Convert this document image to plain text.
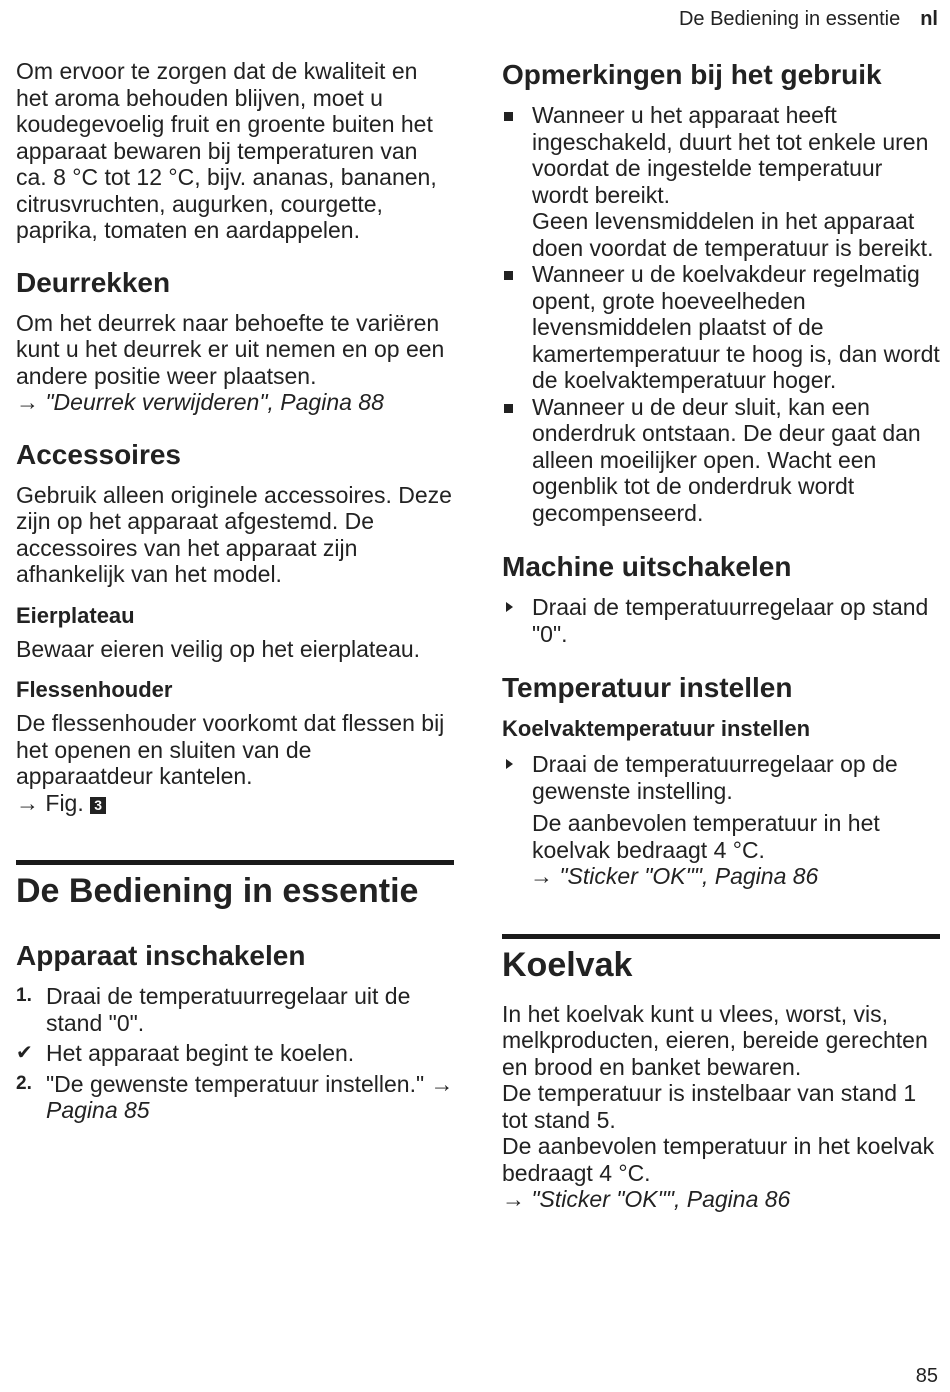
De Bediening in essentie nl

Om ervoor te zorgen dat de kwaliteit en het aroma behouden blijven, moet u koudegevoelig fruit en groente buiten het apparaat bewaren bij temperaturen van ca. 8 °C tot 12 °C, bijv. ananas, bananen, citrusvruchten, augurken, courgette, paprika, tomaten en aardappelen.

Deurrekken

Om het deurrek naar behoefte te variëren kunt u het deurrek er uit nemen en op een andere positie weer plaatsen.

→ "Deurrek verwijderen", Pagina 88
Accessoires

Gebruik alleen originele accessoires. Deze zijn op het apparaat afgestemd. De accessoires van het apparaat zijn afhankelijk van het model.

Eierplateau

Bewaar eieren veilig op het eierplateau.

Flessenhouder

De flessenhouder voorkomt dat flessen bij het openen en sluiten van de apparaatdeur kantelen.

→ Fig. 3
De Bediening in essentie
Apparaat inschakelen
1. Draai de temperatuurregelaar uit de stand "0".
✔ Het apparaat begint te koelen.
2. "De gewenste temperatuur instellen." → Pagina 85
Opmerkingen bij het gebruik
Wanneer u het apparaat heeft ingeschakeld, duurt het tot enkele uren voordat de ingestelde temperatuur wordt bereikt.
Geen levensmiddelen in het apparaat doen voordat de temperatuur is bereikt.
Wanneer u de koelvakdeur regelmatig opent, grote hoeveelheden levensmiddelen plaatst of de kamertemperatuur te hoog is, dan wordt de koelvaktemperatuur hoger.
Wanneer u de deur sluit, kan een onderdruk ontstaan. De deur gaat dan alleen moeilijker open. Wacht een ogenblik tot de onderdruk wordt gecompenseerd.
Machine uitschakelen
Draai de temperatuurregelaar op stand "0".
Temperatuur instellen
Koelvaktemperatuur instellen
Draai de temperatuurregelaar op de gewenste instelling.

De aanbevolen temperatuur in het koelvak bedraagt 4 °C.

→ "Sticker "OK"", Pagina 86
Koelvak

In het koelvak kunt u vlees, worst, vis, melkproducten, eieren, bereide gerechten en brood en banket bewaren.

De temperatuur is instelbaar van stand 1 tot stand 5.

De aanbevolen temperatuur in het koelvak bedraagt 4 °C.

→ "Sticker "OK"", Pagina 86
85
